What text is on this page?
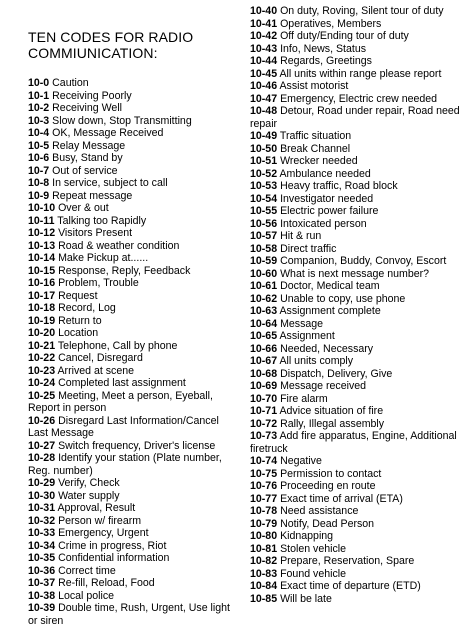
TEN CODES FOR RADIO
COMMIUNICATION:
10-0 Caution
10-1 Receiving Poorly
10-2 Receiving Well
10-3 Slow down, Stop Transmitting
10-4 OK, Message Received
10-5 Relay Message
10-6 Busy, Stand by
10-7 Out of service
10-8 In service, subject to call
10-9 Repeat message
10-10 Over & out
10-11 Talking too Rapidly
10-12 Visitors Present
10-13 Road & weather condition
10-14 Make Pickup at......
10-15 Response, Reply, Feedback
10-16 Problem, Trouble
10-17 Request
10-18 Record, Log
10-19 Return to
10-20 Location
10-21 Telephone, Call by phone
10-22 Cancel, Disregard
10-23 Arrived at scene
10-24 Completed last assignment
10-25 Meeting, Meet a person, Eyeball, Report in person
10-26 Disregard Last Information/Cancel Last Message
10-27 Switch frequency, Driver's license
10-28 Identify your station (Plate number, Reg. number)
10-29 Verify, Check
10-30 Water supply
10-31 Approval, Result
10-32 Person w/ firearm
10-33 Emergency, Urgent
10-34 Crime in progress, Riot
10-35 Confidential information
10-36 Correct time
10-37 Re-fill, Reload, Food
10-38 Local police
10-39 Double time, Rush, Urgent, Use light or siren
10-40 On duty, Roving, Silent tour of duty
10-41 Operatives, Members
10-42 Off duty/Ending tour of duty
10-43 Info, News, Status
10-44 Regards, Greetings
10-45 All units within range please report
10-46 Assist motorist
10-47 Emergency, Electric crew needed
10-48 Detour, Road under repair, Road need repair
10-49 Traffic situation
10-50 Break Channel
10-51 Wrecker needed
10-52 Ambulance needed
10-53 Heavy traffic, Road block
10-54 Investigator needed
10-55 Electric power failure
10-56 Intoxicated person
10-57 Hit & run
10-58 Direct traffic
10-59 Companion, Buddy, Convoy, Escort
10-60 What is next message number?
10-61 Doctor, Medical team
10-62 Unable to copy, use phone
10-63 Assignment complete
10-64 Message
10-65 Assignment
10-66 Needed, Necessary
10-67 All units comply
10-68 Dispatch, Delivery, Give
10-69 Message received
10-70 Fire alarm
10-71 Advice situation of fire
10-72 Rally, Illegal assembly
10-73 Add fire apparatus, Engine, Additional firetruck
10-74 Negative
10-75 Permission to contact
10-76 Proceeding en route
10-77 Exact time of arrival (ETA)
10-78 Need assistance
10-79 Notify, Dead Person
10-80 Kidnapping
10-81 Stolen vehicle
10-82 Prepare, Reservation, Spare
10-83 Found vehicle
10-84 Exact time of departure (ETD)
10-85 Will be late
